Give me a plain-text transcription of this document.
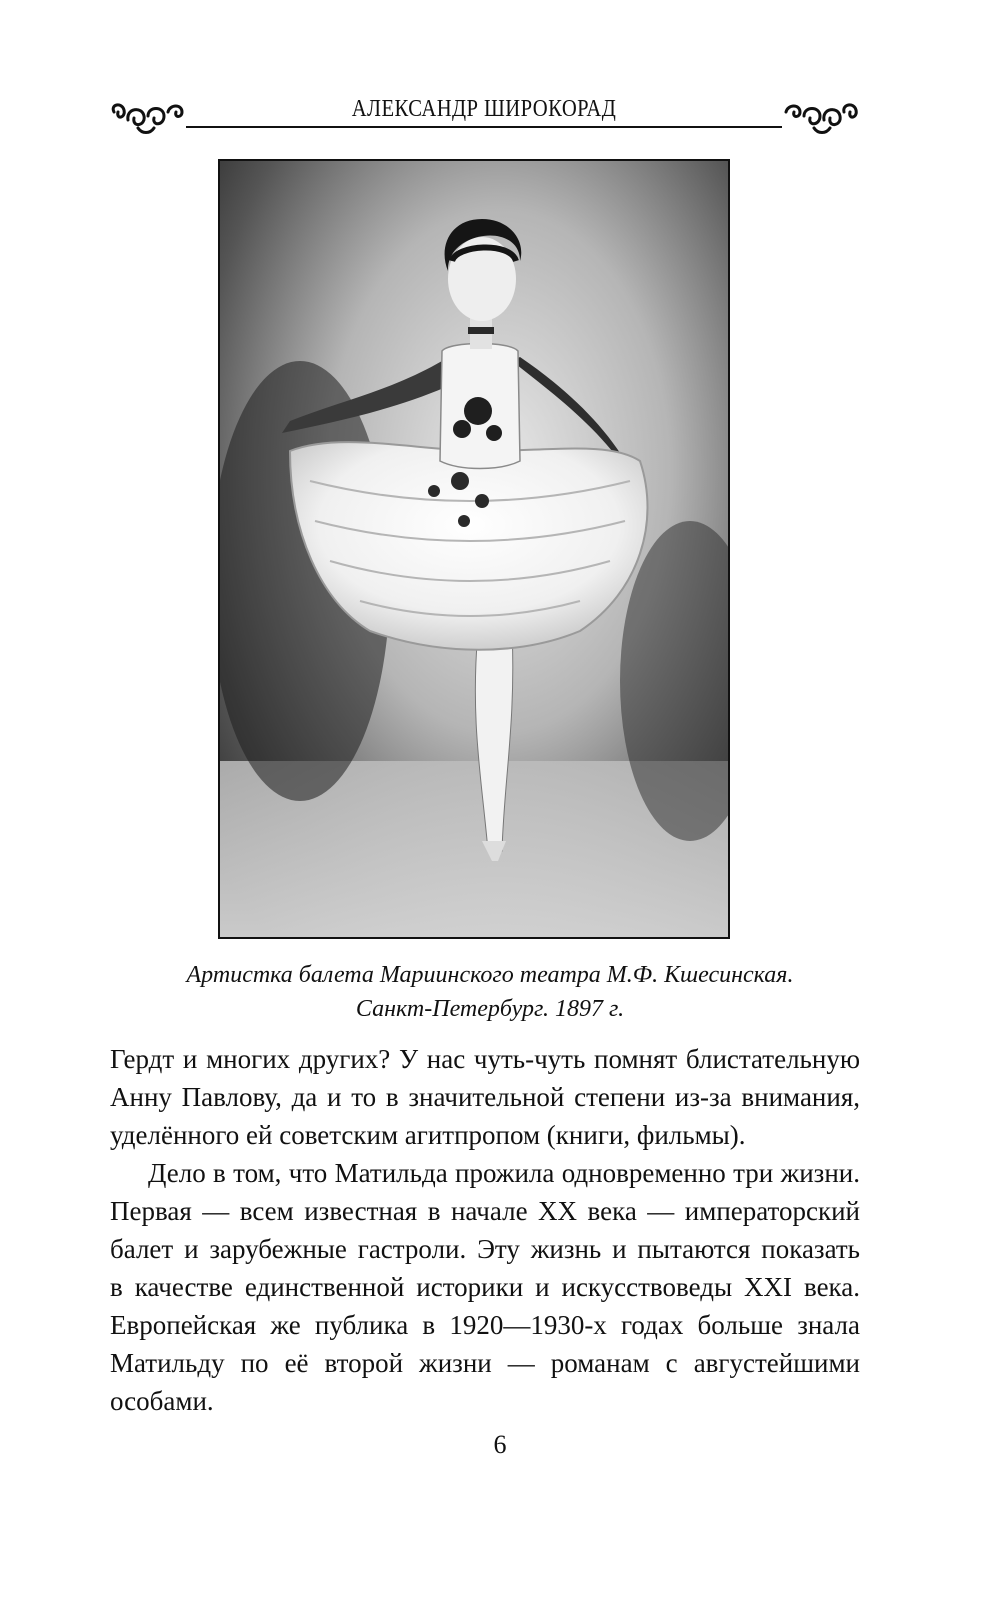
АЛЕКСАНДР ШИРОКОРАД
Артистка балета Мариинского театра М.Ф. Кшесинская.
Санкт-Петербург. 1897 г.
Гердт и многих других? У нас чуть-чуть помнят блистательную
Анну Павлову, да и то в значительной степени из-за внимания,
уделённого ей советским агитпропом (книги, фильмы).
Дело в том, что Матильда прожила одновременно три жизни.
Первая — всем известная в начале XX века — императорский
балет и зарубежные гастроли. Эту жизнь и пытаются показать
в качестве единственной историки и искусствоведы XXI века.
Европейская же публика в 1920—1930-х годах больше знала
Матильду по её второй жизни — романам с августейшими
особами.
6
